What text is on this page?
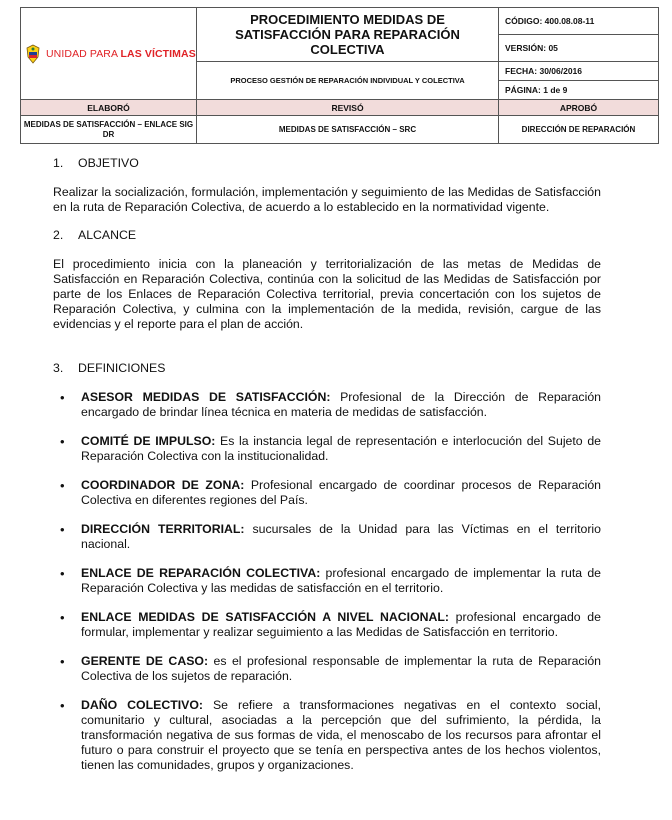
UNIDAD PARA LAS VÍCTIMAS	PROCEDIMIENTO MEDIDAS DE SATISFACCIÓN PARA REPARACIÓN COLECTIVA	CÓDIGO: 400.08.08-11
		VERSIÓN: 05
	PROCESO GESTIÓN DE REPARACIÓN INDIVIDUAL Y COLECTIVA	FECHA: 30/06/2016
		PÁGINA: 1 de 9
ELABORÓ	REVISÓ	APROBÓ
MEDIDAS DE SATISFACCIÓN – ENLACE SIG DR	MEDIDAS DE SATISFACCIÓN – SRC	DIRECCIÓN DE REPARACIÓN
1.	OBJETIVO

Realizar la socialización, formulación, implementación y seguimiento de las Medidas de Satisfacción en la ruta de Reparación Colectiva, de acuerdo a lo establecido en la normatividad vigente.

2.	ALCANCE

El procedimiento inicia con la planeación y territorialización de las metas de Medidas de Satisfacción en Reparación Colectiva, continúa con la solicitud de las Medidas de Satisfacción por parte de los Enlaces de Reparación Colectiva territorial, previa concertación con los sujetos de Reparación Colectiva, y culmina con la implementación de la medida, revisión, cargue de las evidencias y el reporte para el plan de acción.

3.	DEFINICIONES
• ASESOR MEDIDAS DE SATISFACCIÓN: Profesional de la Dirección de Reparación encargado de brindar línea técnica en materia de medidas de satisfacción.
• COMITÉ DE IMPULSO: Es la instancia legal de representación e interlocución del Sujeto de Reparación Colectiva con la institucionalidad.
• COORDINADOR DE ZONA: Profesional encargado de coordinar procesos de Reparación Colectiva en diferentes regiones del País.
• DIRECCIÓN TERRITORIAL: sucursales de la Unidad para las Víctimas en el territorio nacional.
• ENLACE DE REPARACIÓN COLECTIVA: profesional encargado de implementar la ruta de Reparación Colectiva y las medidas de satisfacción en el territorio.
• ENLACE MEDIDAS DE SATISFACCIÓN A NIVEL NACIONAL: profesional encargado de formular, implementar y realizar seguimiento a las Medidas de Satisfacción en territorio.
• GERENTE DE CASO: es el profesional responsable de implementar la ruta de Reparación Colectiva de los sujetos de reparación.
• DAÑO COLECTIVO: Se refiere a transformaciones negativas en el contexto social, comunitario y cultural, asociadas a la percepción que del sufrimiento, la pérdida, la transformación negativa de sus formas de vida, el menoscabo de los recursos para afrontar el futuro o para construir el proyecto que se tenía en perspectiva antes de los hechos violentos, tienen las comunidades, grupos y organizaciones.
